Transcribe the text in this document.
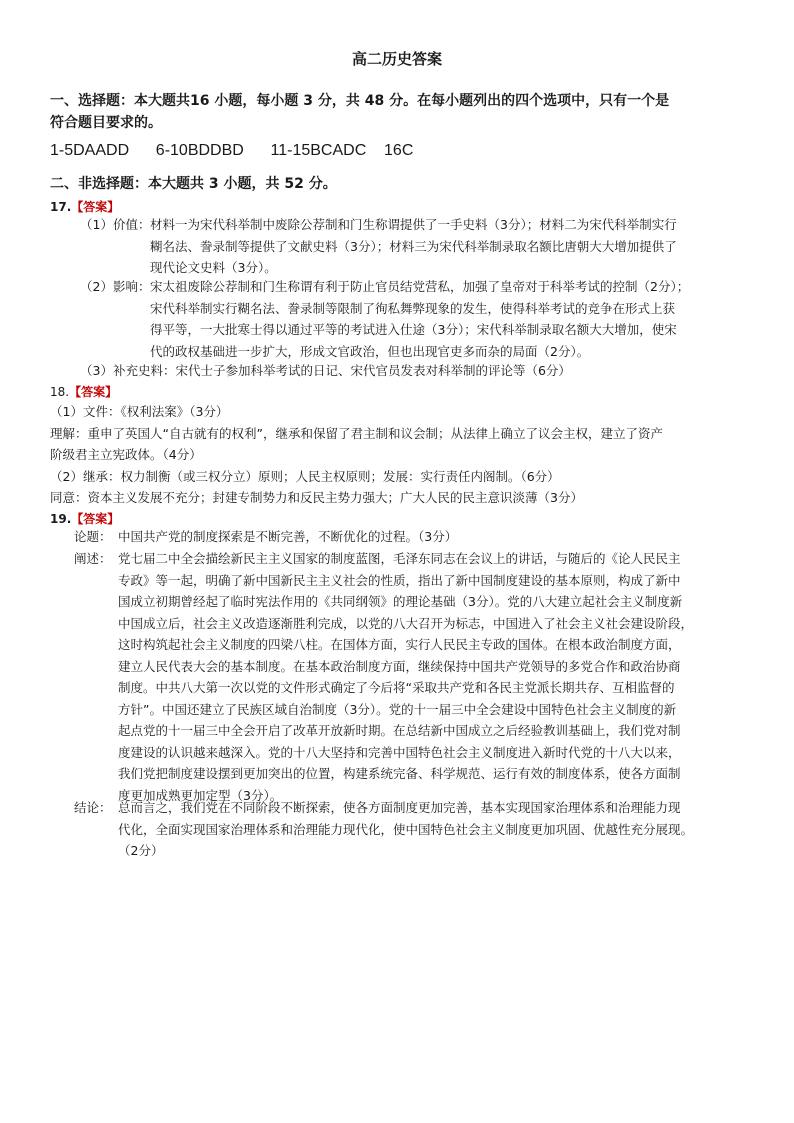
高二历史答案
一、选择题：本大题共16 小题，每小题 3 分，共 48 分。在每小题列出的四个选项中，只有一个是
符合题目要求的。
1-5DAADD      6-10BDDBD      11-15BCADC    16C
二、非选择题：本大题共 3 小题，共 52 分。
17.【答案】
（1）价值： 材料一为宋代科举制中废除公荐制和门生称谓提供了一手史料（3分）；材料二为宋代科举制实行
糊名法、誊录制等提供了文献史料（3分）；材料三为宋代科举制录取名额比唐朝大大增加提供了
现代论文史料（3分）。
（2）影响： 宋太祖废除公荐制和门生称谓有利于防止官员结党营私，加强了皇帝对于科举考试的控制（2分）；
宋代科举制实行糊名法、誊录制等限制了徇私舞弊现象的发生，使得科举考试的竞争在形式上获
得平等，一大批寒士得以通过平等的考试进入仕途（3分）；宋代科举制录取名额大大增加，使宋
代的政权基础进一步扩大，形成文官政治，但也出现官吏多而杂的局面（2分）。
（3）补充史料：宋代士子参加科举考试的日记、宋代官员发表对科举制的评论等（6分）
18.【答案】
（1）文件：《权利法案》（3分）
理解：重申了英国人“自古就有的权利”，继承和保留了君主制和议会制；从法律上确立了议会主权，建立了资产
阶级君主立宪政体。（4分）
（2）继承：权力制衡（或三权分立）原则；人民主权原则；发展：实行责任内阁制。（6分）
同意：资本主义发展不充分；封建专制势力和反民主势力强大；广大人民的民主意识淡薄（3分）
19.【答案】
论题： 中国共产党的制度探索是不断完善，不断优化的过程。（3分）
阐述： 党七届二中全会描绘新民主主义国家的制度蓝图，毛泽东同志在会议上的讲话，与随后的《论人民民主
专政》等一起，明确了新中国新民主主义社会的性质，指出了新中国制度建设的基本原则，构成了新中
国成立初期曾经起了临时宪法作用的《共同纲领》的理论基础（3分）。党的八大建立起社会主义制度新
中国成立后，社会主义改造逐渐胜利完成，以党的八大召开为标志，中国进入了社会主义社会建设阶段，
这时构筑起社会主义制度的四梁八柱。在国体方面，实行人民民主专政的国体。在根本政治制度方面，
建立人民代表大会的基本制度。在基本政治制度方面，继续保持中国共产党领导的多党合作和政治协商
制度。中共八大第一次以党的文件形式确定了今后将“采取共产党和各民主党派长期共存、互相监督的
方针”。中国还建立了民族区域自治制度（3分）。党的十一届三中全会建设中国特色社会主义制度的新
起点党的十一届三中全会开启了改革开放新时期。在总结新中国成立之后经验教训基础上，我们党对制
度建设的认识越来越深入。党的十八大坚持和完善中国特色社会主义制度进入新时代党的十八大以来，
我们党把制度建设摆到更加突出的位置，构建系统完备、科学规范、运行有效的制度体系，使各方面制
度更加成熟更加定型（3分）。
结论： 总而言之，我们党在不同阶段不断探索，使各方面制度更加完善，基本实现国家治理体系和治理能力现
代化，全面实现国家治理体系和治理能力现代化，使中国特色社会主义制度更加巩固、优越性充分展现。
（2分）
